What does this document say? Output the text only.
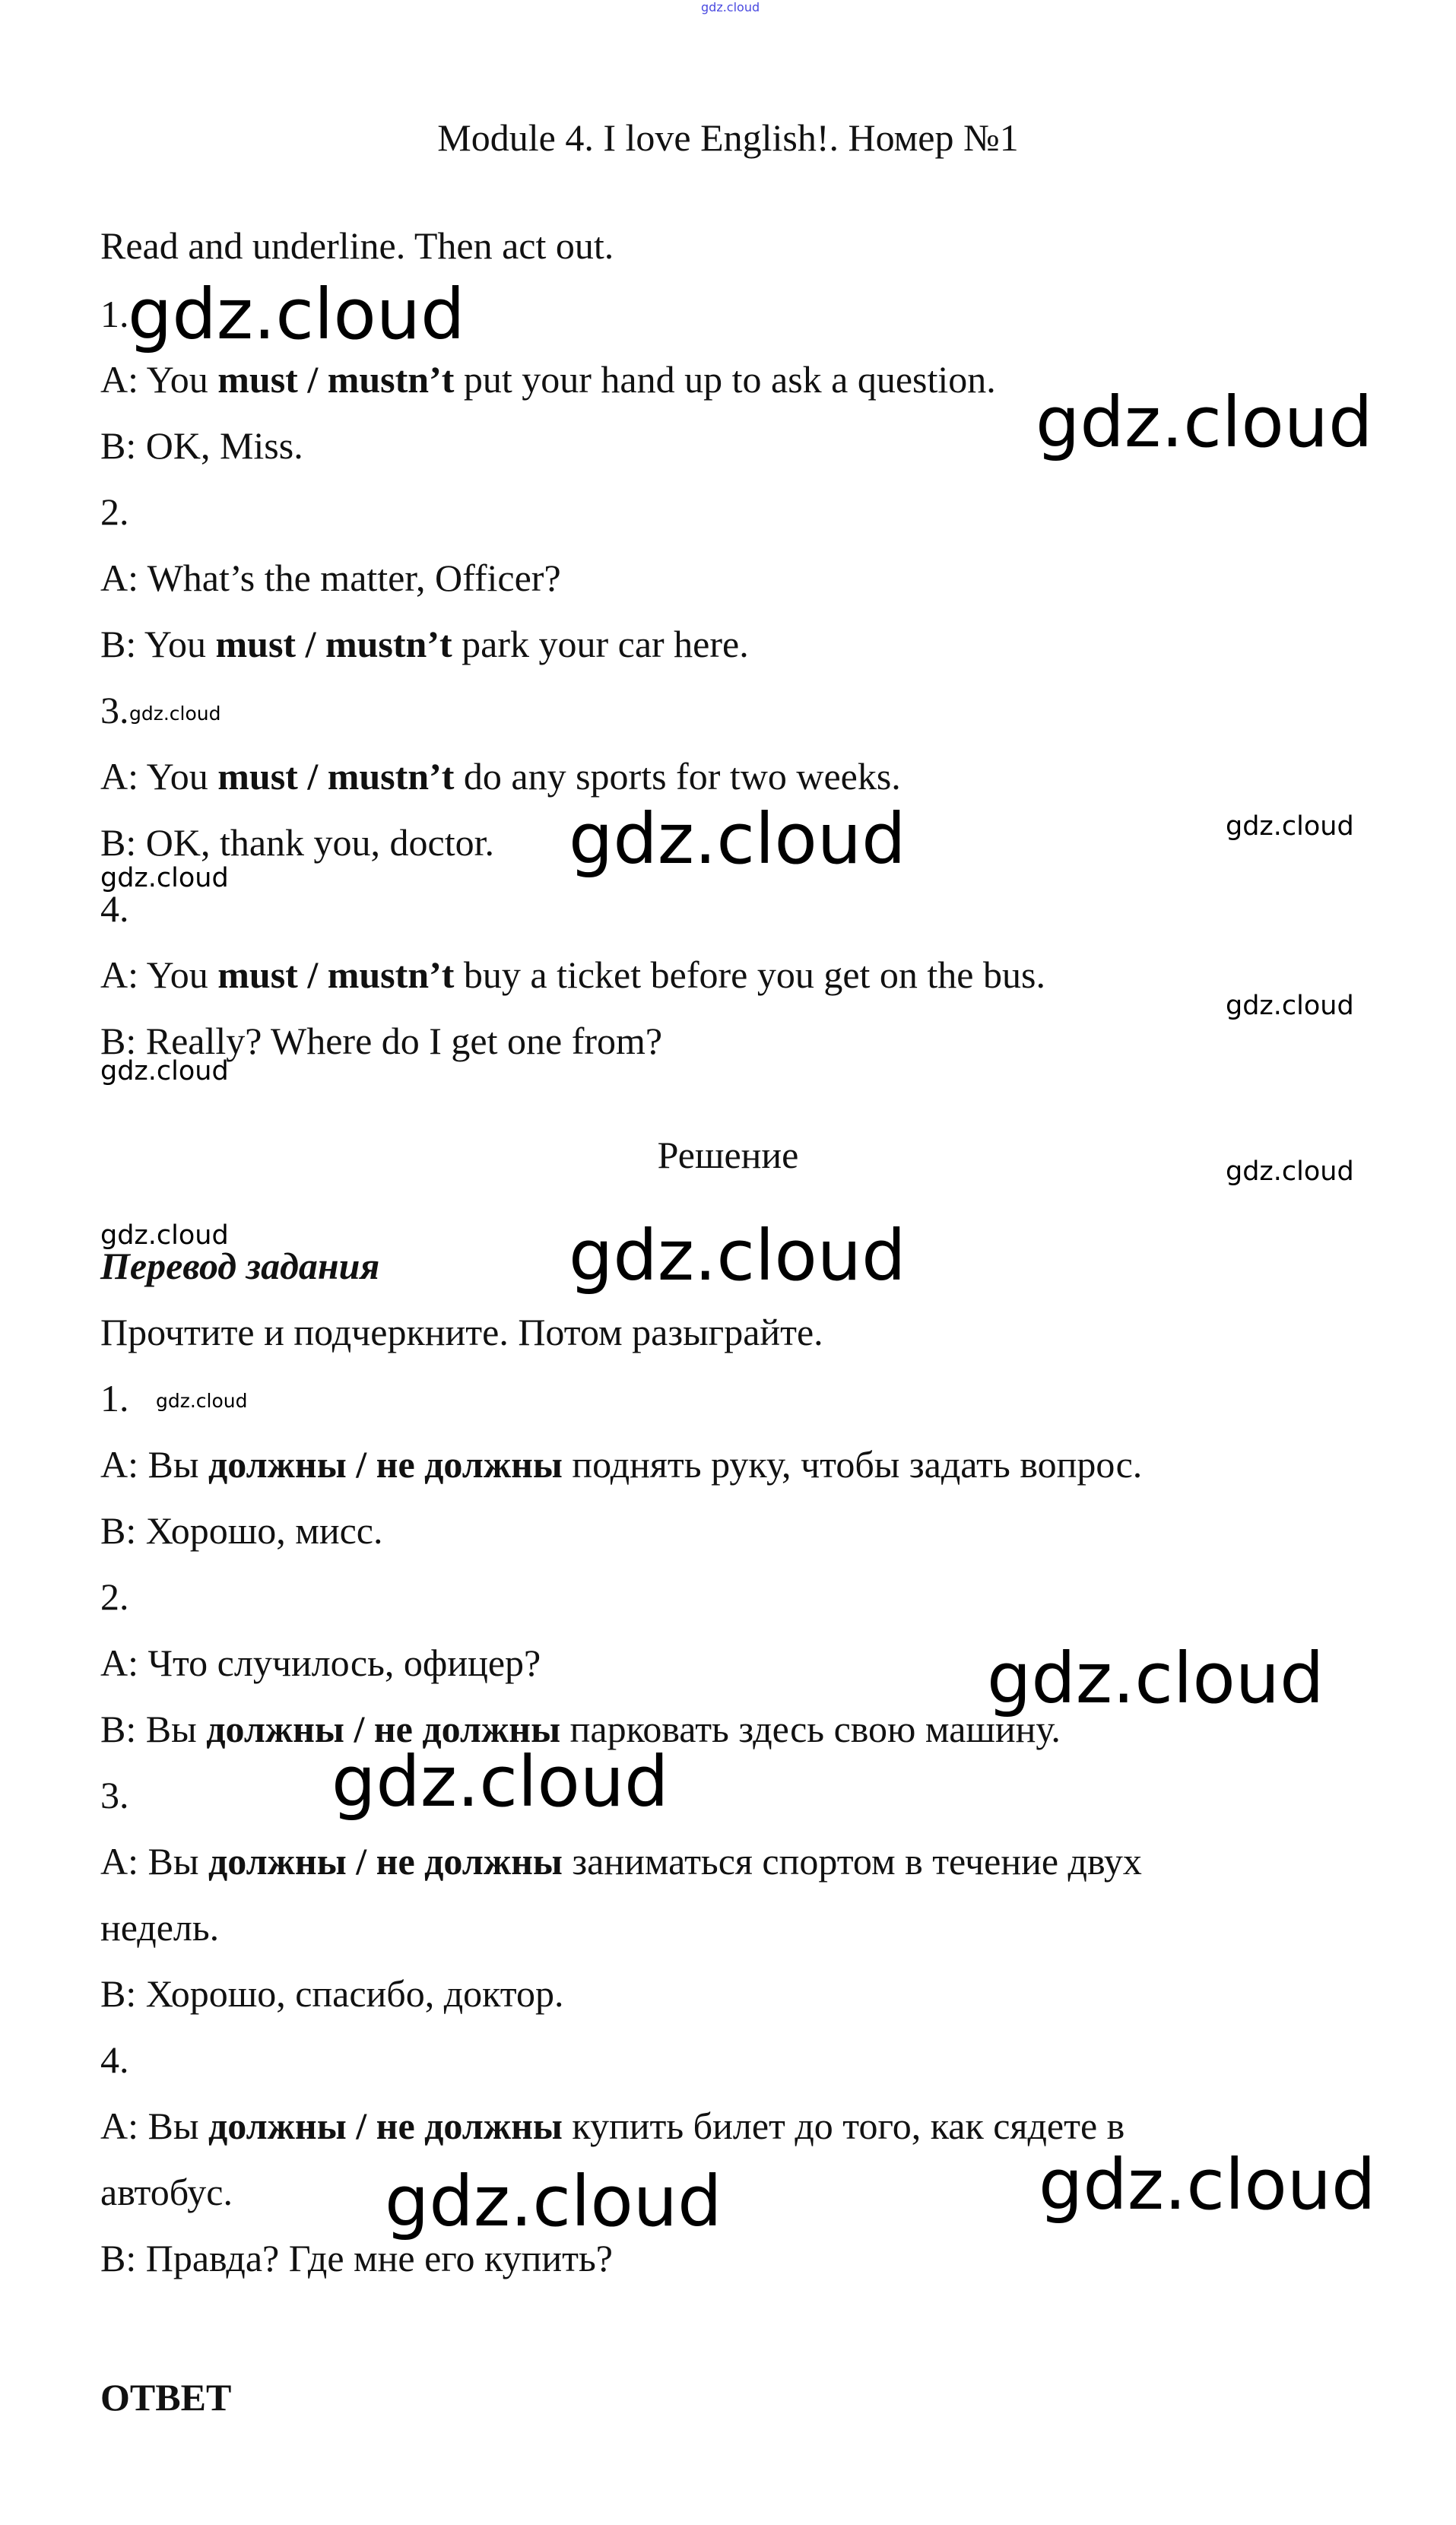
gdz.cloud
Module 4. I love English!. Номер №1
Read and underline. Then act out.
1.
A: You must / mustn’t put your hand up to ask a question.
B: OK, Miss.
2.
A: What’s the matter, Officer?
B: You must / mustn’t park your car here.
3.
A: You must / mustn’t do any sports for two weeks.
B: OK, thank you, doctor.
4.
A: You must / mustn’t buy a ticket before you get on the bus.
B: Really? Where do I get one from?
Решение
Перевод задания
Прочтите и подчеркните. Потом разыграйте.
1.
A: Вы должны / не должны поднять руку, чтобы задать вопрос.
B: Хорошо, мисс.
2.
A: Что случилось, офицер?
B: Вы должны / не должны парковать здесь свою машину.
3.
A: Вы должны / не должны заниматься спортом в течение двух
недель.
B: Хорошо, спасибо, доктор.
4.
A: Вы должны / не должны купить билет до того, как сядете в
автобус.
B: Правда? Где мне его купить?
ОТВЕТ
gdz.cloud
gdz.cloud
gdz.cloud
gdz.cloud
gdz.cloud
gdz.cloud
gdz.cloud
gdz.cloud
gdz.cloud
gdz.cloud	gdz.cloud
gdz.cloud
gdz.cloud
gdz.cloud
gdz.cloud	gdz.cloud
